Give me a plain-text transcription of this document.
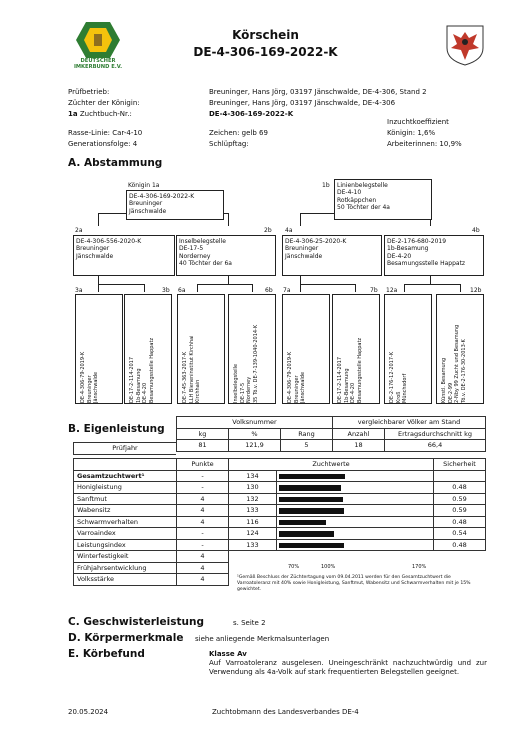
DEUTSCHER
IMKERBUND E.V.
Körschein
DE-4-306-169-2022-K
Prüfbetrieb:	Breuninger, Hans Jörg, 03197 Jänschwalde, DE-4-306, Stand 2
Züchter der Königin:	Breuninger, Hans Jörg, 03197 Jänschwalde, DE-4-306
1a Zuchtbuch-Nr.:	DE-4-306-169-2022-K
Inzuchtkoeffizient
Rasse-Linie: Car-4-10	Zeichen: gelb 69	Königin: 1,6%
Generationsfolge: 4	Schlüpftag:	Arbeiterinnen: 10,9%
A. Abstammung
Königin 1a
DE-4-306-169-2022-K
Breuninger
Jänschwalde
1b Linienbelegstelle
DE-4-10
Rotkäppchen
50 Töchter der 4a
2a	2b 4a	4b
DE-4-306-556-2020-K
Breuninger
Jänschwalde
Inselbelegstelle
DE-17-5
Norderney
40 Töchter der 6a
DE-4-306-25-2020-K
Breuninger
Jänschwalde
DE-2-176-680-2019
1b-Besamung
DE-4-20
Besamungsstelle Happatz
3a	3b 6a	6b 7a	7b 12a	12b
DE-4-306-79-2019-K Breuninger Jänschwalde	DE-17-2-114-2017 1b-Besamung DE-4-20 Besamungsstelle Happatz	DE-7-45-363-2017-K LLH Bieneninstitut Kirchhai Kirchhain	Inselbelegstelle DE-17-5 Norderney 35 Tö.v. DE-7-139-1040-2014-K	DE-4-306-79-2019-K Breuninger Jänschwalde	DE-17-2-114-2017 1b-Besamung DE-4-20 Besamungsstelle Happatz	DE-2-176-12-2017-K Kroß Münchsdorf	Künstl. Besamung DE-2-99 2-Nby 99 Zucht und Besamung Tö.v. DE-2-176-30-2013-K
B. Eigenleistung
Volksnummer			vergleichbarer Völker am Stand	
kg	%	Rang	Anzahl	Ertragsdurchschnitt kg
81	121,9	5	18	66,4
Prüfjahr
	Punkte	Zuchtwerte		Sicherheit
Gesamtzuchtwert¹	-	134	

Honigleistung	-	130		0.48
Sanftmut	4	132		0.59
Wabensitz	4	133		0.59
Schwarmverhalten	4	116		0.48
Varroaindex	-	124		0.54
Leistungsindex	-	133		0.48
Winterfestigkeit	4			
Frühjahrsentwicklung	4			
Volksstärke	4			
70%	100%	170%
¹Gemäß Beschluss der Züchtertagung vom 09.04.2011 werden für den Gesamtzuchtwert die Varroatoleranz mit 40% sowie Honigleistung, Sanftmut, Wabensitz und Schwarmverhalten mit je 15% gewichtet.
C. Geschwisterleistung	s. Seite 2
D. Körpermerkmale siehe anliegende Merkmalsunterlagen
E. Körbefund	Klasse Av
Auf Varroatoleranz ausgelesen. Uneingeschränkt nachzuchtwürdig und zur Verwendung als 4a-Volk auf stark frequentierten Belegstellen geeignet.
20.05.2024	Zuchtobmann des Landesverbandes DE-4
